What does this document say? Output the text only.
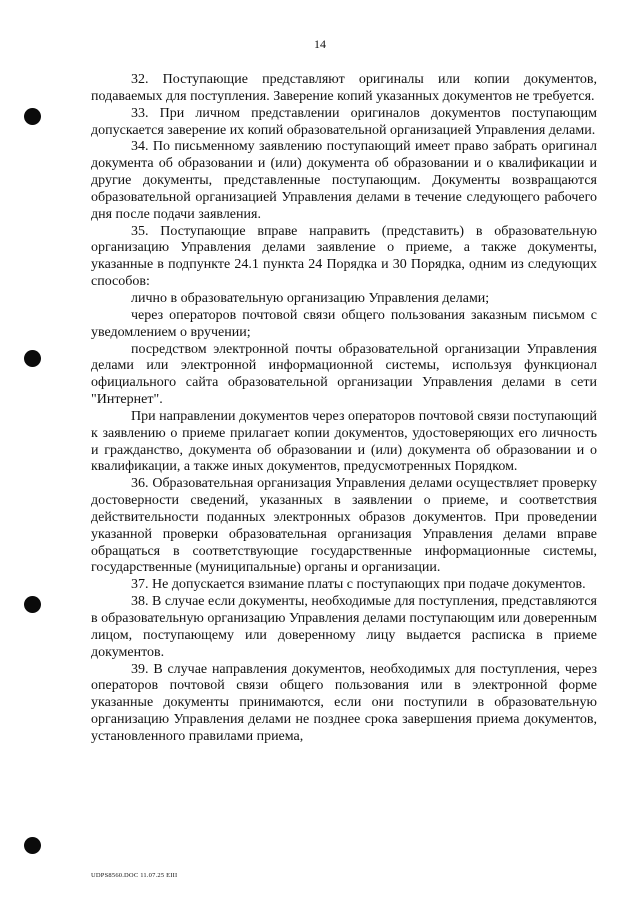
14

32. Поступающие представляют оригиналы или копии документов, подаваемых для поступления. Заверение копий указанных документов не требуется.

33. При личном представлении оригиналов документов поступающим допускается заверение их копий образовательной организацией Управления делами.

34. По письменному заявлению поступающий имеет право забрать оригинал документа об образовании и (или) документа об образовании и о квалификации и другие документы, представленные поступающим. Документы возвращаются образовательной организацией Управления делами в течение следующего рабочего дня после подачи заявления.

35. Поступающие вправе направить (представить) в образовательную организацию Управления делами заявление о приеме, а также документы, указанные в подпункте 24.1 пункта 24 Порядка и 30 Порядка, одним из следующих способов:

лично в образовательную организацию Управления делами;

через операторов почтовой связи общего пользования заказным письмом с уведомлением о вручении;

посредством электронной почты образовательной организации Управления делами или электронной информационной системы, используя функционал официального сайта образовательной организации Управления делами в сети "Интернет".

При направлении документов через операторов почтовой связи поступающий к заявлению о приеме прилагает копии документов, удостоверяющих его личность и гражданство, документа об образовании и (или) документа об образовании и о квалификации, а также иных документов, предусмотренных Порядком.

36. Образовательная организация Управления делами осуществляет проверку достоверности сведений, указанных в заявлении о приеме, и соответствия действительности поданных электронных образов документов. При проведении указанной проверки образовательная организация Управления делами вправе обращаться в соответствующие государственные информационные системы, государственные (муниципальные) органы и организации.

37. Не допускается взимание платы с поступающих при подаче документов.

38. В случае если документы, необходимые для поступления, представляются в образовательную организацию Управления делами поступающим или доверенным лицом, поступающему или доверенному лицу выдается расписка в приеме документов.

39. В случае направления документов, необходимых для поступления, через операторов почтовой связи общего пользования или в электронной форме указанные документы принимаются, если они поступили в образовательную организацию Управления делами не позднее срока завершения приема документов, установленного правилами приема,

UDPS8560.DOC 11.07.25 EIII
